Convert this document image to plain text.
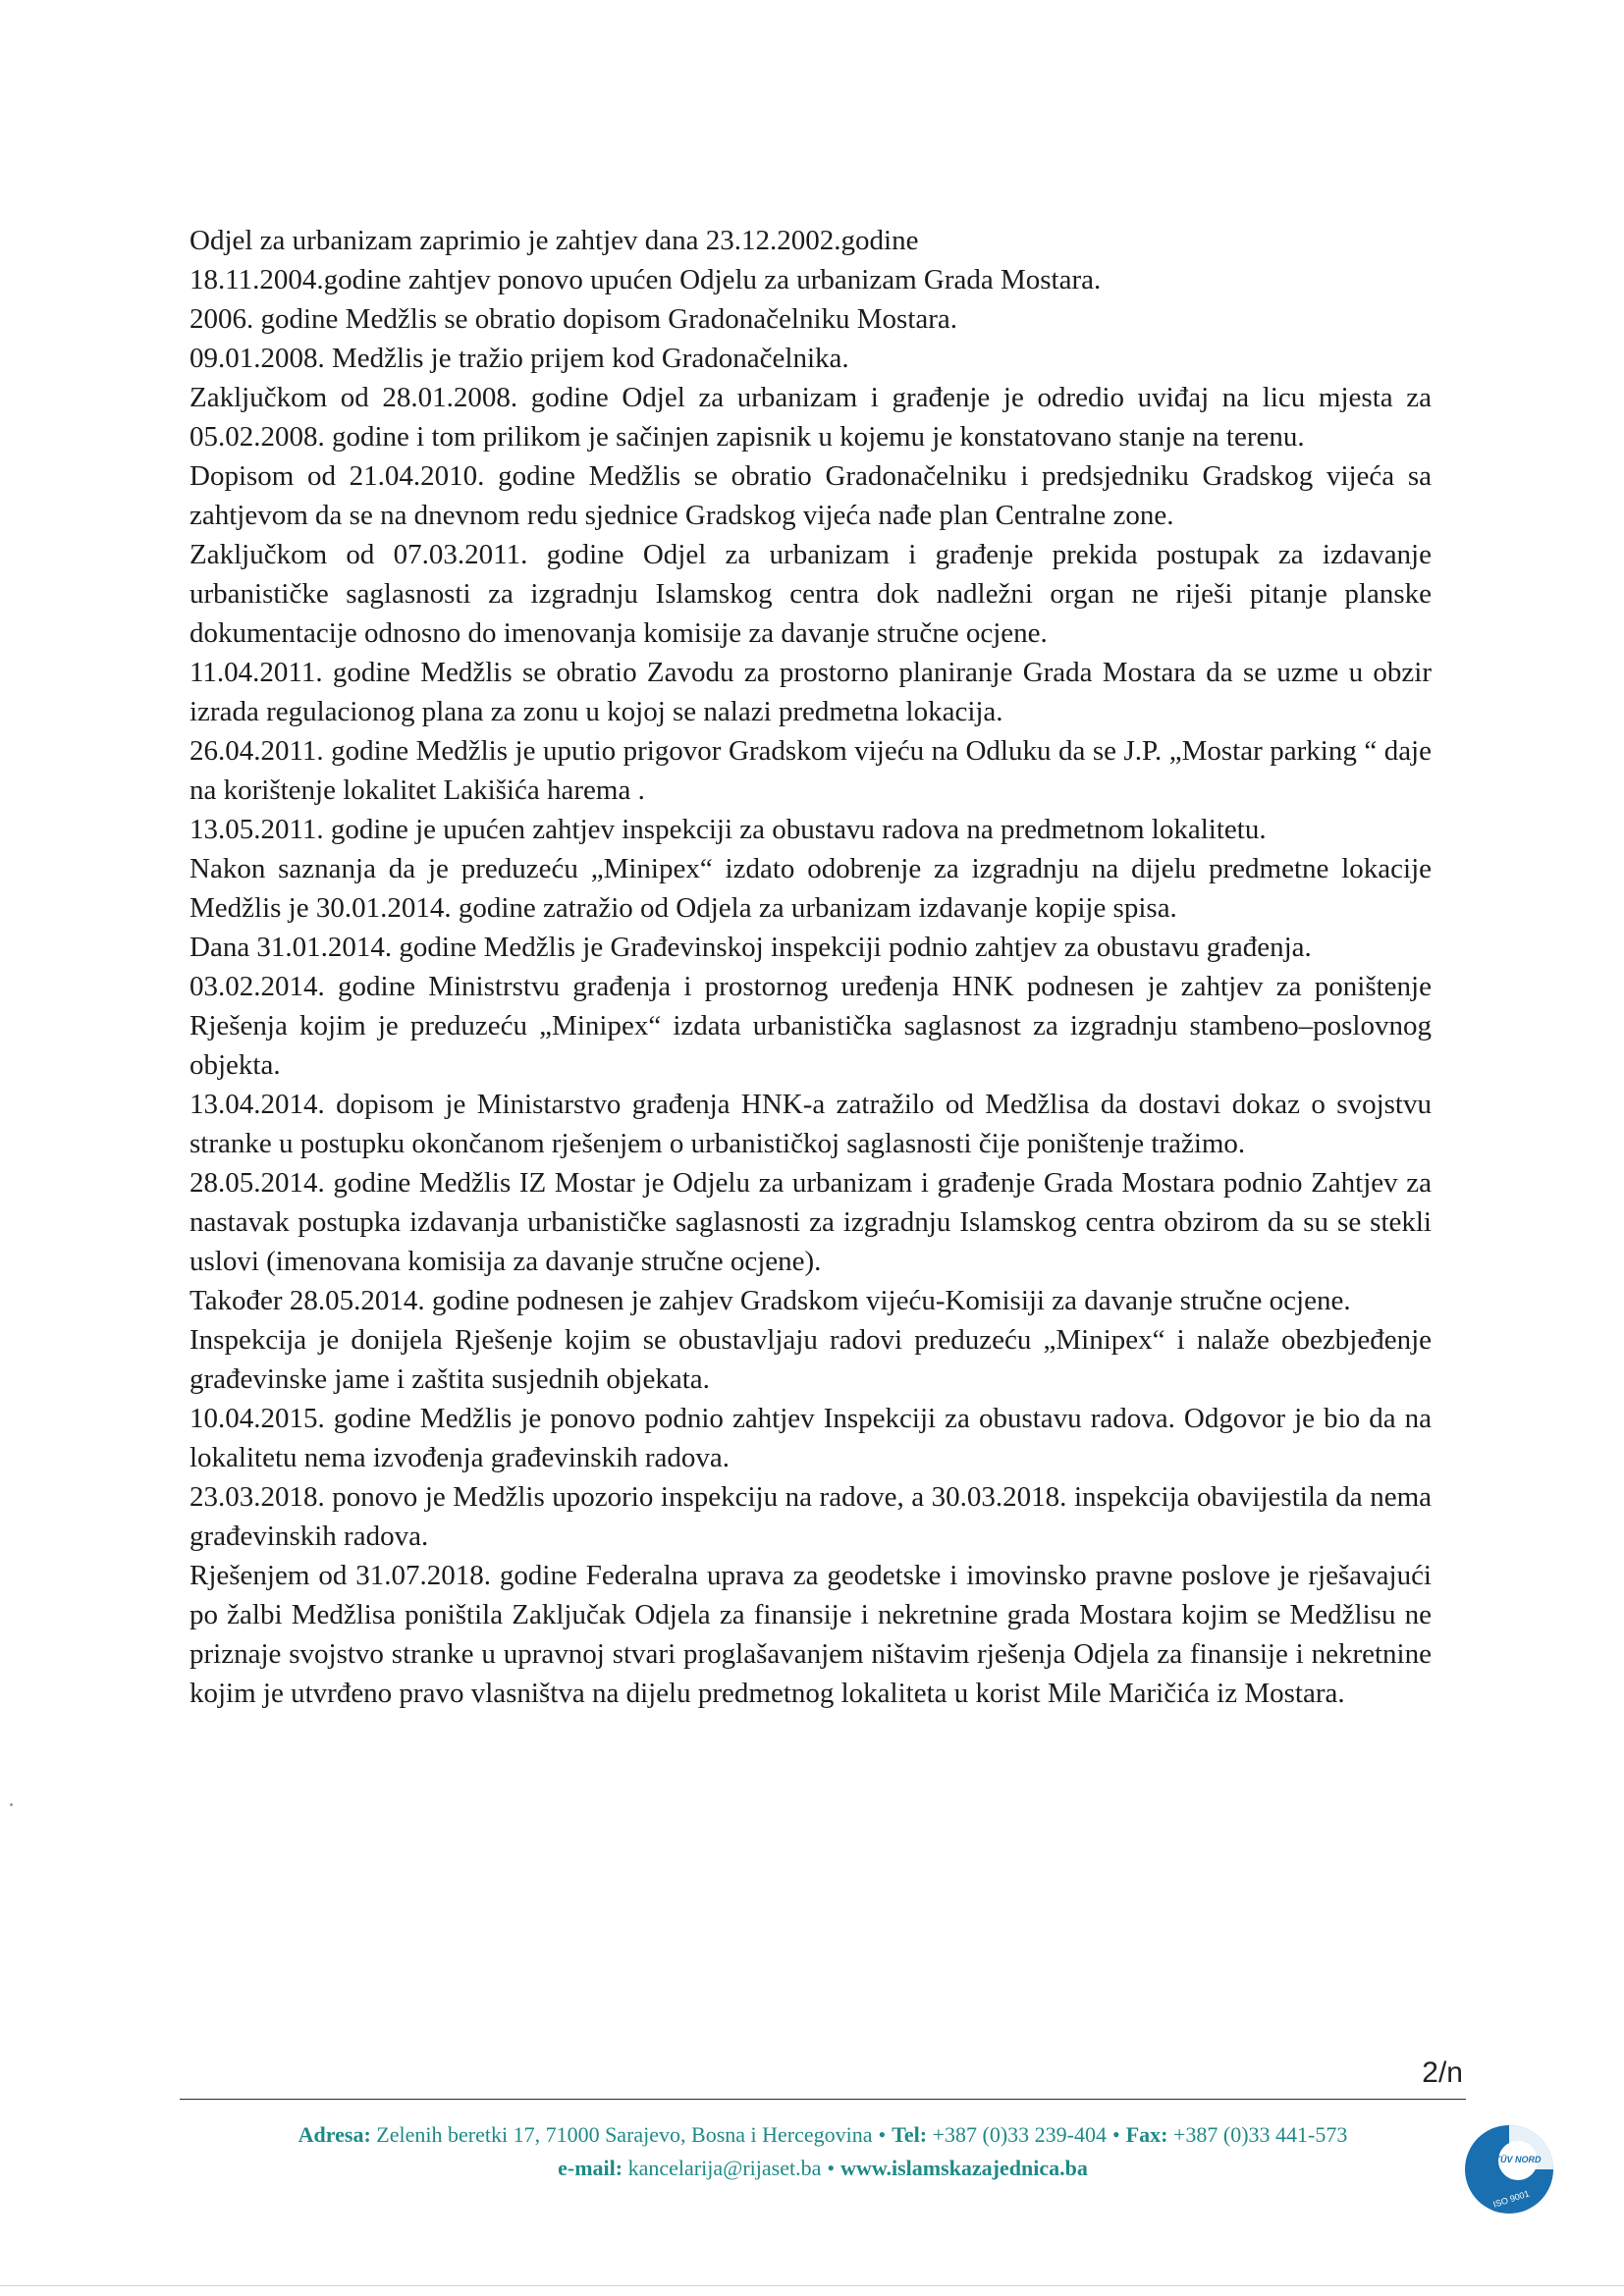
Odjel za urbanizam zaprimio je zahtjev dana 23.12.2002.godine

18.11.2004.godine zahtjev ponovo upućen Odjelu za urbanizam Grada Mostara.

2006. godine Medžlis se obratio dopisom Gradonačelniku Mostara.

09.01.2008. Medžlis je tražio prijem kod Gradonačelnika.

Zaključkom od 28.01.2008. godine Odjel za urbanizam i građenje je odredio uviđaj na licu mjesta za 05.02.2008. godine i tom prilikom je sačinjen zapisnik u kojemu je konstatovano stanje na terenu.

Dopisom od 21.04.2010. godine Medžlis se obratio Gradonačelniku i predsjedniku Gradskog vijeća sa zahtjevom da se na dnevnom redu sjednice Gradskog vijeća nađe plan Centralne zone.

Zaključkom od 07.03.2011. godine Odjel za urbanizam i građenje prekida postupak za izdavanje urbanističke saglasnosti za izgradnju Islamskog centra dok nadležni organ ne riješi pitanje planske dokumentacije odnosno do imenovanja komisije za davanje stručne ocjene.

11.04.2011. godine Medžlis se obratio Zavodu za prostorno planiranje Grada Mostara da se uzme u obzir izrada regulacionog plana za zonu u kojoj se nalazi predmetna lokacija.

26.04.2011. godine Medžlis je uputio prigovor Gradskom vijeću na Odluku da se J.P. „Mostar parking “ daje na korištenje lokalitet Lakišića harema .

13.05.2011. godine je upućen zahtjev inspekciji za obustavu radova na predmetnom lokalitetu.

Nakon saznanja da je preduzeću „Minipex“ izdato odobrenje za izgradnju na dijelu predmetne lokacije Medžlis je 30.01.2014. godine zatražio od Odjela za urbanizam izdavanje kopije spisa.

Dana 31.01.2014. godine Medžlis je Građevinskoj inspekciji podnio zahtjev za obustavu građenja.

03.02.2014. godine Ministrstvu građenja i prostornog uređenja HNK podnesen je zahtjev za poništenje Rješenja kojim je preduzeću „Minipex“ izdata urbanistička saglasnost za izgradnju stambeno–poslovnog objekta.

13.04.2014. dopisom je Ministarstvo građenja HNK-a zatražilo od Medžlisa da dostavi dokaz o svojstvu stranke u postupku okončanom rješenjem o urbanističkoj saglasnosti čije poništenje tražimo.

28.05.2014. godine Medžlis IZ Mostar je Odjelu za urbanizam i građenje Grada Mostara podnio Zahtjev za nastavak postupka izdavanja urbanističke saglasnosti za izgradnju Islamskog centra obzirom da su se stekli uslovi (imenovana komisija za davanje stručne ocjene).

Također 28.05.2014. godine podnesen je zahjev Gradskom vijeću-Komisiji za davanje stručne ocjene.

Inspekcija je donijela Rješenje kojim se obustavljaju radovi preduzeću „Minipex“ i nalaže obezbjeđenje građevinske jame i zaštita susjednih objekata.

10.04.2015. godine Medžlis je ponovo podnio zahtjev Inspekciji za obustavu radova. Odgovor je bio da na lokalitetu nema izvođenja građevinskih radova.

23.03.2018. ponovo je Medžlis upozorio inspekciju na radove, a 30.03.2018. inspekcija obavijestila da nema građevinskih radova.

Rješenjem od 31.07.2018. godine Federalna uprava za geodetske i imovinsko pravne poslove je rješavajući po žalbi Medžlisa poništila Zaključak Odjela za finansije i nekretnine grada Mostara kojim se Medžlisu ne priznaje svojstvo stranke u upravnoj stvari proglašavanjem ništavim rješenja Odjela za finansije i nekretnine kojim je utvrđeno pravo vlasništva na dijelu predmetnog lokaliteta u korist Mile Maričića iz Mostara.

2/n
Adresa: Zelenih beretki 17, 71000 Sarajevo, Bosna i Hercegovina • Tel: +387 (0)33 239-404 • Fax: +387 (0)33 441-573
e-mail: kancelarija@rijaset.ba • www.islamskazajednica.ba	TÜV NORD
ISO 9001
